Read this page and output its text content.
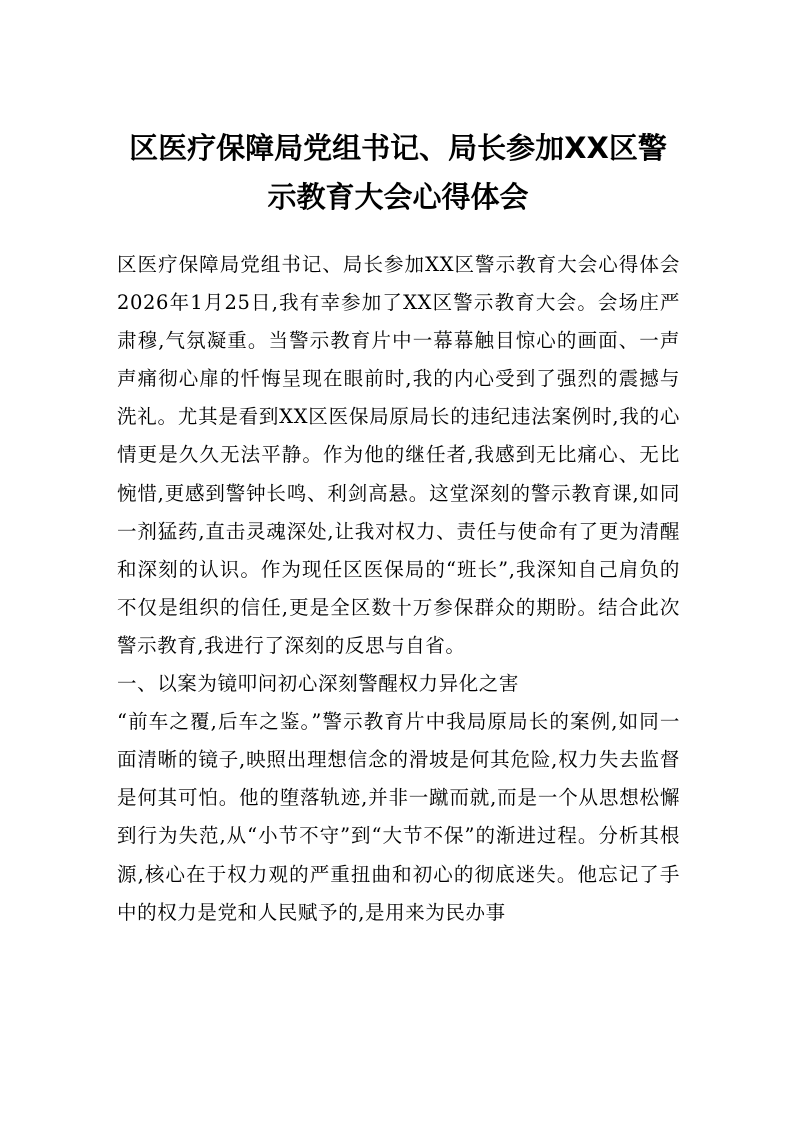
区医疗保障局党组书记、局长参加XX区警示教育大会心得体会

区医疗保障局党组书记、局长参加XX区警示教育大会心得体会2026年1月25日,我有幸参加了XX区警示教育大会。会场庄严肃穆,气氛凝重。当警示教育片中一幕幕触目惊心的画面、一声声痛彻心扉的忏悔呈现在眼前时,我的内心受到了强烈的震撼与洗礼。尤其是看到XX区医保局原局长的违纪违法案例时,我的心情更是久久无法平静。作为他的继任者,我感到无比痛心、无比惋惜,更感到警钟长鸣、利剑高悬。这堂深刻的警示教育课,如同一剂猛药,直击灵魂深处,让我对权力、责任与使命有了更为清醒和深刻的认识。作为现任区医保局的“班长”,我深知自己肩负的不仅是组织的信任,更是全区数十万参保群众的期盼。结合此次警示教育,我进行了深刻的反思与自省。

一、以案为镜叩问初心深刻警醒权力异化之害

“前车之覆,后车之鉴。”警示教育片中我局原局长的案例,如同一面清晰的镜子,映照出理想信念的滑坡是何其危险,权力失去监督是何其可怕。他的堕落轨迹,并非一蹴而就,而是一个从思想松懈到行为失范,从“小节不守”到“大节不保”的渐进过程。分析其根源,核心在于权力观的严重扭曲和初心的彻底迷失。他忘记了手中的权力是党和人民赋予的,是用来为民办事
